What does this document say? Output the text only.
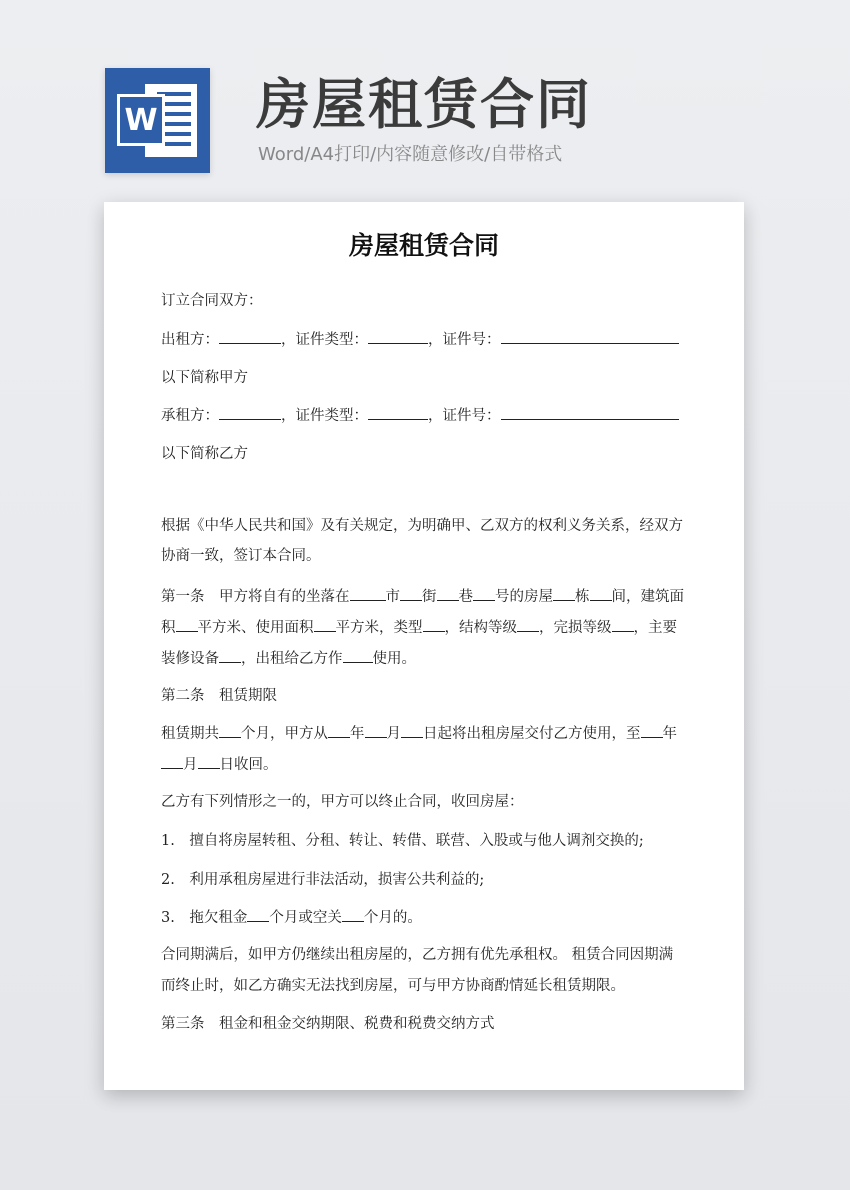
W 房屋租赁合同
Word/A4打印/内容随意修改/自带格式
房屋租赁合同
订立合同双方：
出租方：	，证件类型：	，证件号：
以下简称甲方
承租方：	，证件类型：	，证件号：
以下简称乙方
根据《中华人民共和国》及有关规定，为明确甲、乙双方的权利义务关系，经双方
协商一致，签订本合同。
第一条　甲方将自有的坐落在 市 街 巷 号的房屋 栋 间，建筑面
积 平方米、使用面积 平方米，类型 ，结构等级 ，完损等级 ，主要
装修设备 ，出租给乙方作 使用。
第二条　租赁期限
租赁期共 个月，甲方从 年 月 日起将出租房屋交付乙方使用，至 年
月 日收回。
乙方有下列情形之一的，甲方可以终止合同，收回房屋：
1.　擅自将房屋转租、分租、转让、转借、联营、入股或与他人调剂交换的;
2.　利用承租房屋进行非法活动，损害公共利益的;
3.　拖欠租金 个月或空关 个月的。
合同期满后，如甲方仍继续出租房屋的，乙方拥有优先承租权。 租赁合同因期满
而终止时，如乙方确实无法找到房屋，可与甲方协商酌情延长租赁期限。
第三条　租金和租金交纳期限、税费和税费交纳方式
